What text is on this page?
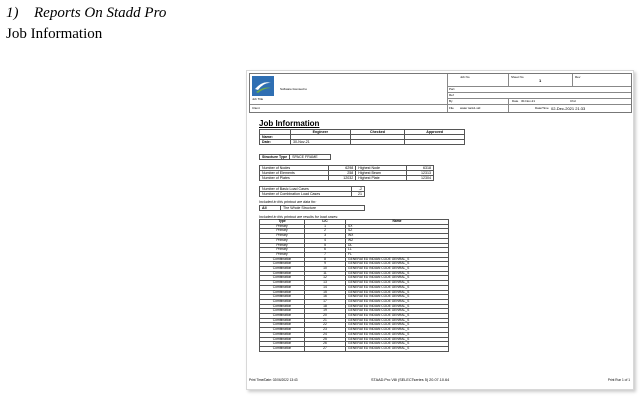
1) Reports On Stadd Pro
Job Information
Software licensed to
Job Title
Client
Job No	Sheet No
1
Rev
Part
Ref
By	Date 30-Nov-21	Chd
File water tank1.std	Date/Time 02-Dec-2021 21:33
Job Information
	Engineer	Checked	Approved
Name:			
Date:	30-Nov-21		
Structure Type	SPACE FRAME
Number of Nodes	6298	Highest Node	6318
Number of Elements	258	Highest Beam	12313
Number of Plates	12032	Highest Plate	12304
Number of Basic Load Cases	-2
Number of Combination Load Cases	21
Included in this printout are data for:
All	The Whole Structure
Included in this printout are results for load cases:
Type	L/C	Name
Primary	1	SX
Primary	2	SZ
Primary	3	WX
Primary	4	WZ
Primary	5	DL
Primary	6	LL
Primary	7	FL
Combination	8	GENERATED INDIAN CODE GENRAL_S
Combination	9	GENERATED INDIAN CODE GENRAL_S
Combination	10	GENERATED INDIAN CODE GENRAL_S
Combination	11	GENERATED INDIAN CODE GENRAL_S
Combination	12	GENERATED INDIAN CODE GENRAL_S
Combination	13	GENERATED INDIAN CODE GENRAL_S
Combination	14	GENERATED INDIAN CODE GENRAL_S
Combination	15	GENERATED INDIAN CODE GENRAL_S
Combination	16	GENERATED INDIAN CODE GENRAL_S
Combination	17	GENERATED INDIAN CODE GENRAL_S
Combination	18	GENERATED INDIAN CODE GENRAL_S
Combination	19	GENERATED INDIAN CODE GENRAL_S
Combination	20	GENERATED INDIAN CODE GENRAL_S
Combination	21	GENERATED INDIAN CODE GENRAL_S
Combination	22	GENERATED INDIAN CODE GENRAL_S
Combination	23	GENERATED INDIAN CODE GENRAL_S
Combination	24	GENERATED INDIAN CODE GENRAL_S
Combination	25	GENERATED INDIAN CODE GENRAL_S
Combination	26	GENERATED INDIAN CODE GENRAL_S
Combination	27	GENERATED INDIAN CODE GENRAL_S
Print Time/Date: 02/06/2022 13:43	STAAD.Pro V8i (SELECTseries 5) 20.07.10.64	Print Run 1 of 1
